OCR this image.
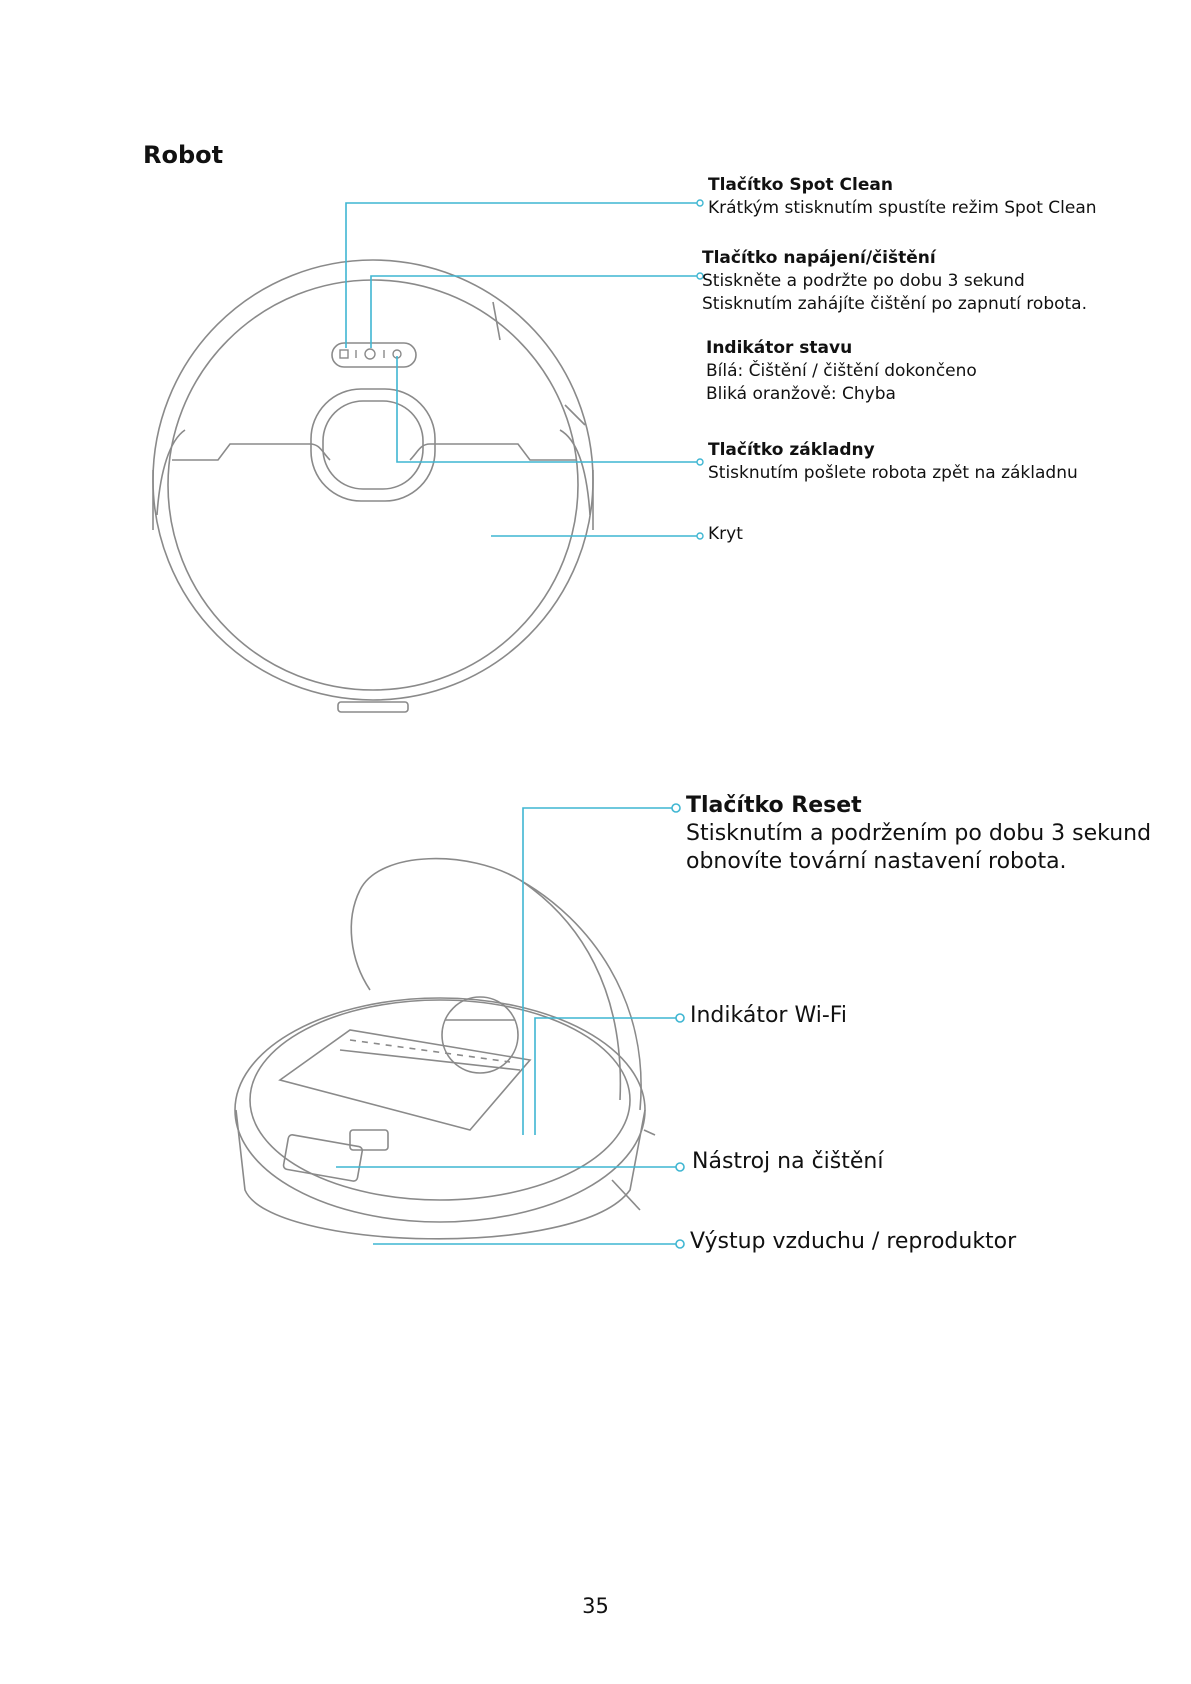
Robot
Tlačítko Spot Clean
Krátkým stisknutím spustíte režim Spot Clean
Tlačítko napájení/čištění
Stiskněte a podržte po dobu 3 sekund
Stisknutím zahájíte čištění po zapnutí robota.
Indikátor stavu
Bílá: Čištění / čištění dokončeno
Bliká oranžově: Chyba
Tlačítko základny
Stisknutím pošlete robota zpět na základnu
Kryt
Tlačítko Reset
Stisknutím a podržením po dobu 3 sekund
obnovíte tovární nastavení robota.
Indikátor Wi-Fi
Nástroj na čištění
Výstup vzduchu / reproduktor
35
